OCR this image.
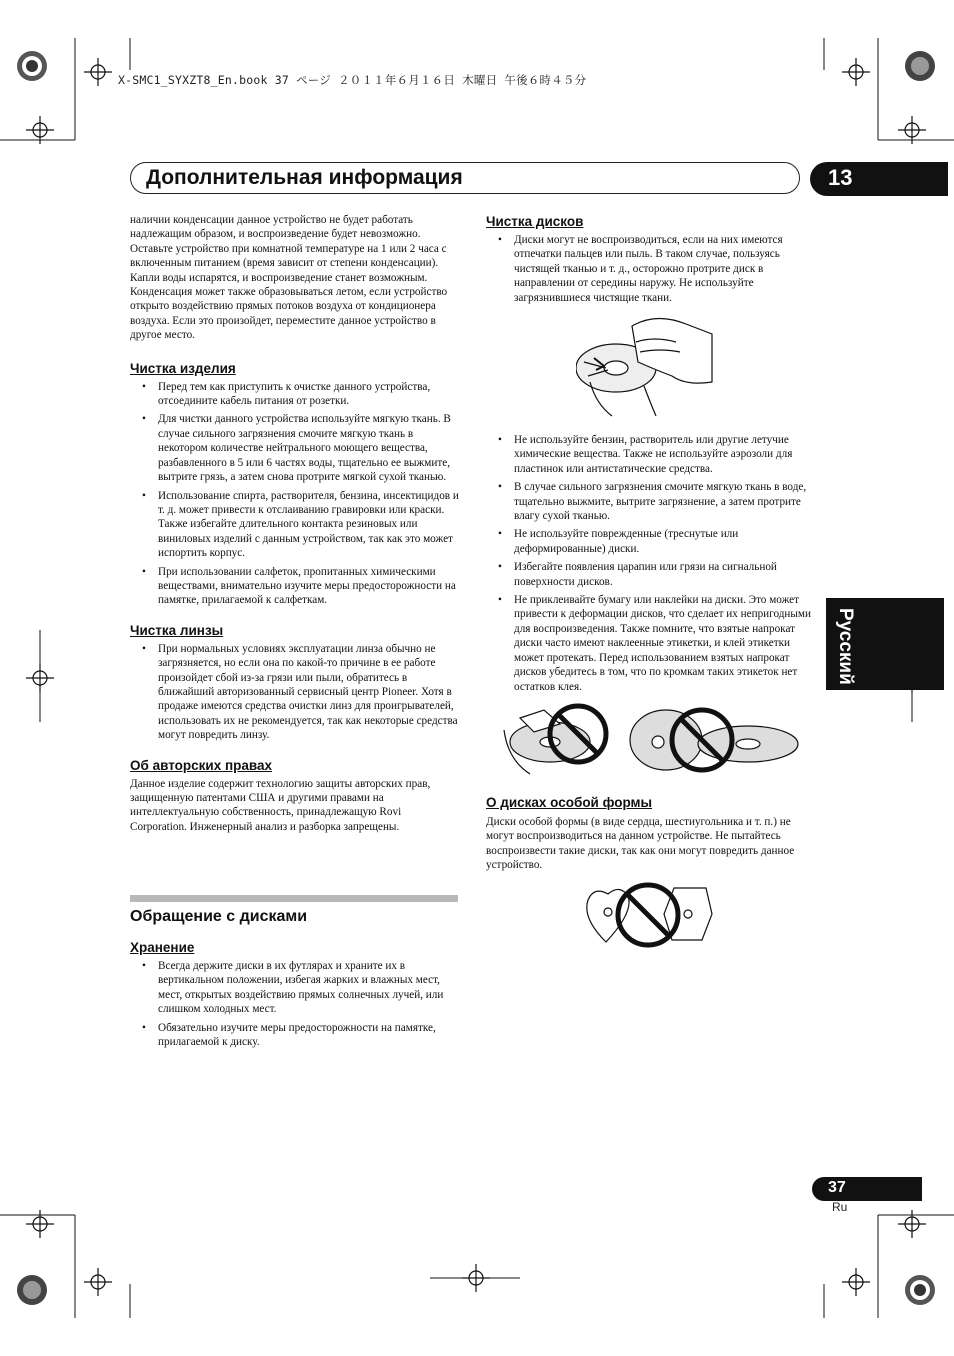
X-SMC1_SYXZT8_En.book 37 ページ ２０１１年６月１６日 木曜日 午後６時４５分
Дополнительная информация	13
Русский

наличии конденсации данное устройство не будет работать надлежащим образом, и воспроизведение будет невозможно. Оставьте устройство при комнатной температуре на 1 или 2 часа с включенным питанием (время зависит от степени конденсации). Капли воды испарятся, и воспроизведение станет возможным. Конденсация может также образовываться летом, если устройство открыто воздействию прямых потоков воздуха от кондиционера воздуха. Если это произойдет, переместите данное устройство в другое место.

Чистка изделия
• Перед тем как приступить к очистке данного устройства, отсоедините кабель питания от розетки.
• Для чистки данного устройства используйте мягкую ткань. В случае сильного загрязнения смочите мягкую ткань в некотором количестве нейтрального моющего вещества, разбавленного в 5 или 6 частях воды, тщательно ее выжмите, вытрите грязь, а затем снова протрите мягкой сухой тканью.
• Использование спирта, растворителя, бензина, инсектицидов и т. д. может привести к отслаиванию гравировки или краски. Также избегайте длительного контакта резиновых или виниловых изделий с данным устройством, так как это может испортить корпус.
• При использовании салфеток, пропитанных химическими веществами, внимательно изучите меры предосторожности на памятке, прилагаемой к салфеткам.
Чистка линзы
• При нормальных условиях эксплуатации линза обычно не загрязняется, но если она по какой-то причине в ее работе произойдет сбой из-за грязи или пыли, обратитесь в ближайший авторизованный сервисный центр Pioneer. Хотя в продаже имеются средства очистки линз для проигрывателей, использовать их не рекомендуется, так как некоторые средства могут повредить линзу.
Об авторских правах

Данное изделие содержит технологию защиты авторских прав, защищенную патентами США и другими правами на интеллектуальную собственность, принадлежащую Rovi Corporation. Инженерный анализ и разборка запрещены.

Обращение с дисками
Хранение
• Всегда держите диски в их футлярах и храните их в вертикальном положении, избегая жарких и влажных мест, мест, открытых воздействию прямых солнечных лучей, или слишком холодных мест.
• Обязательно изучите меры предосторожности на памятке, прилагаемой к диску.
Чистка дисков
• Диски могут не воспроизводиться, если на них имеются отпечатки пальцев или пыль. В таком случае, пользуясь чистящей тканью и т. д., осторожно протрите диск в направлении от середины наружу. Не используйте загрязнившиеся чистящие ткани.
• Не используйте бензин, растворитель или другие летучие химические вещества. Также не используйте аэрозоли для пластинок или антистатические средства.
• В случае сильного загрязнения смочите мягкую ткань в воде, тщательно выжмите, вытрите загрязнение, а затем протрите влагу сухой тканью.
• Не используйте поврежденные (треснутые или деформированные) диски.
• Избегайте появления царапин или грязи на сигнальной поверхности дисков.
• Не приклеивайте бумагу или наклейки на диски. Это может привести к деформации дисков, что сделает их непригодными для воспроизведения. Также помните, что взятые напрокат диски часто имеют наклеенные этикетки, и клей этикетки может протекать. Перед использованием взятых напрокат дисков убедитесь в том, что по кромкам таких этикеток нет остатков клея.
О дисках особой формы

Диски особой формы (в виде сердца, шестиугольника и т. п.) не могут воспроизводиться на данном устройстве. Не пытайтесь воспроизвести такие диски, так как они могут повредить данное устройство.

37
Ru
